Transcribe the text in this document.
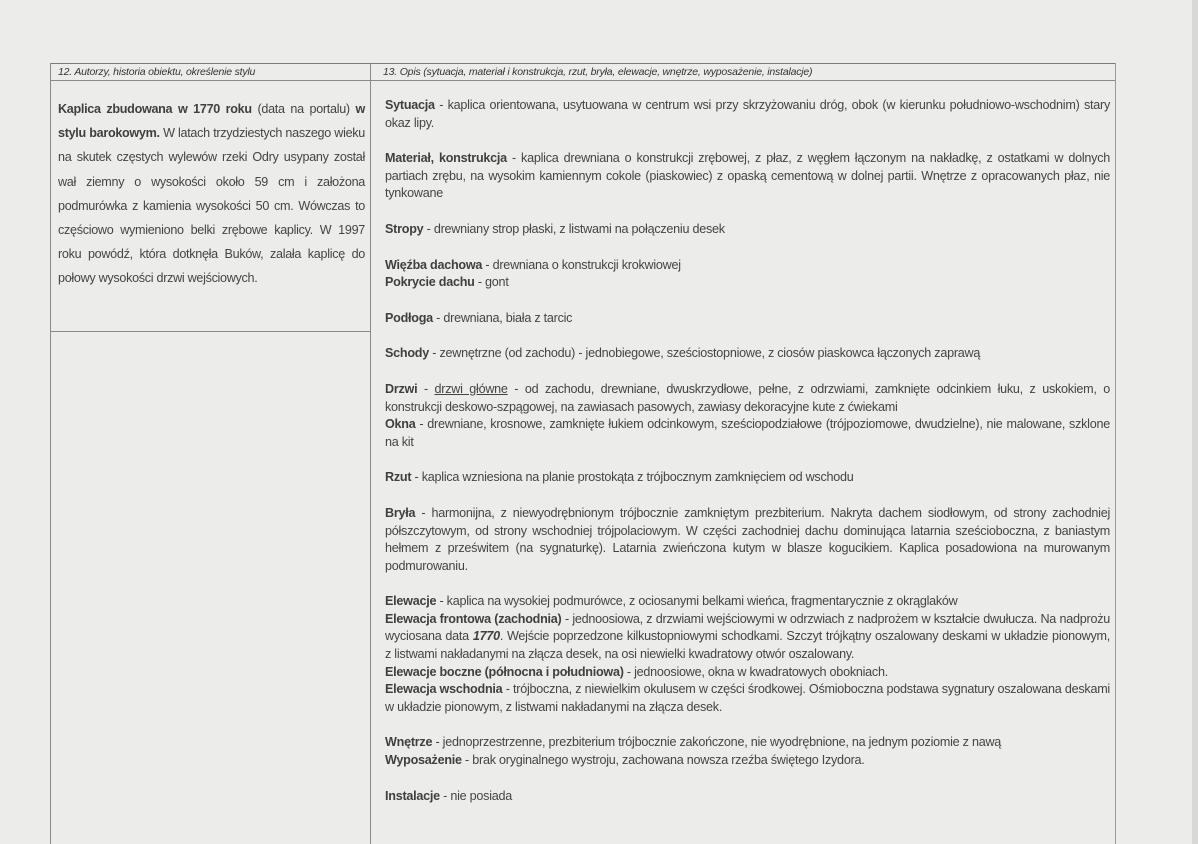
12. Autorzy, historia obiektu, określenie stylu	13. Opis (sytuacja, materiał i konstrukcja, rzut, bryła, elewacje, wnętrze, wyposażenie, instalacje)
Kaplica zbudowana w 1770 roku (data na portalu) w stylu barokowym. W latach trzydziestych naszego wieku na skutek częstych wylewów rzeki Odry usypany został wał ziemny o wysokości około 59 cm i założona podmurówka z kamienia wysokości 50 cm. Wówczas to częściowo wymieniono belki zrębowe kaplicy. W 1997 roku powódź, która dotknęła Buków, zalała kaplicę do połowy wysokości drzwi wejściowych.

Sytuacja - kaplica orientowana, usytuowana w centrum wsi przy skrzyżowaniu dróg, obok (w kierunku południowo-wschodnim) stary okaz lipy.

Materiał, konstrukcja - kaplica drewniana o konstrukcji zrębowej, z płaz, z węgłem łączonym na nakładkę, z ostatkami w dolnych partiach zrębu, na wysokim kamiennym cokole (piaskowiec) z opaską cementową w dolnej partii. Wnętrze z opracowanych płaz, nie tynkowane

Stropy - drewniany strop płaski, z listwami na połączeniu desek

Więźba dachowa - drewniana o konstrukcji krokwiowej

Pokrycie dachu - gont

Podłoga - drewniana, biała z tarcic

Schody - zewnętrzne (od zachodu) - jednobiegowe, sześciostopniowe, z ciosów piaskowca łączonych zaprawą

Drzwi - drzwi główne - od zachodu, drewniane, dwuskrzydłowe, pełne, z odrzwiami, zamknięte odcinkiem łuku, z uskokiem, o konstrukcji deskowo-szpągowej, na zawiasach pasowych, zawiasy dekoracyjne kute z ćwiekami

Okna - drewniane, krosnowe, zamknięte łukiem odcinkowym, sześciopodziałowe (trójpoziomowe, dwudzielne), nie malowane, szklone na kit

Rzut - kaplica wzniesiona na planie prostokąta z trójbocznym zamknięciem od wschodu

Bryła - harmonijna, z niewyodrębnionym trójbocznie zamkniętym prezbiterium. Nakryta dachem siodłowym, od strony zachodniej półszczytowym, od strony wschodniej trójpolaciowym. W części zachodniej dachu dominująca latarnia sześcioboczna, z baniastym hełmem z prześwitem (na sygnaturkę). Latarnia zwieńczona kutym w blasze kogucikiem. Kaplica posadowiona na murowanym podmurowaniu.

Elewacje - kaplica na wysokiej podmurówce, z ociosanymi belkami wieńca, fragmentarycznie z okrąglaków

Elewacja frontowa (zachodnia) - jednoosiowa, z drzwiami wejściowymi w odrzwiach z nadprożem w kształcie dwułucza. Na nadprożu wyciosana data 1770. Wejście poprzedzone kilkustopniowymi schodkami. Szczyt trójkątny oszalowany deskami w układzie pionowym, z listwami nakładanymi na złącza desek, na osi niewielki kwadratowy otwór oszalowany.

Elewacje boczne (północna i południowa) - jednoosiowe, okna w kwadratowych obokniach.

Elewacja wschodnia - trójboczna, z niewielkim okulusem w części środkowej. Ośmioboczna podstawa sygnatury oszalowana deskami w układzie pionowym, z listwami nakładanymi na złącza desek.

Wnętrze - jednoprzestrzenne, prezbiterium trójbocznie zakończone, nie wyodrębnione, na jednym poziomie z nawą

Wyposażenie - brak oryginalnego wystroju, zachowana nowsza rzeźba świętego Izydora.

Instalacje - nie posiada
